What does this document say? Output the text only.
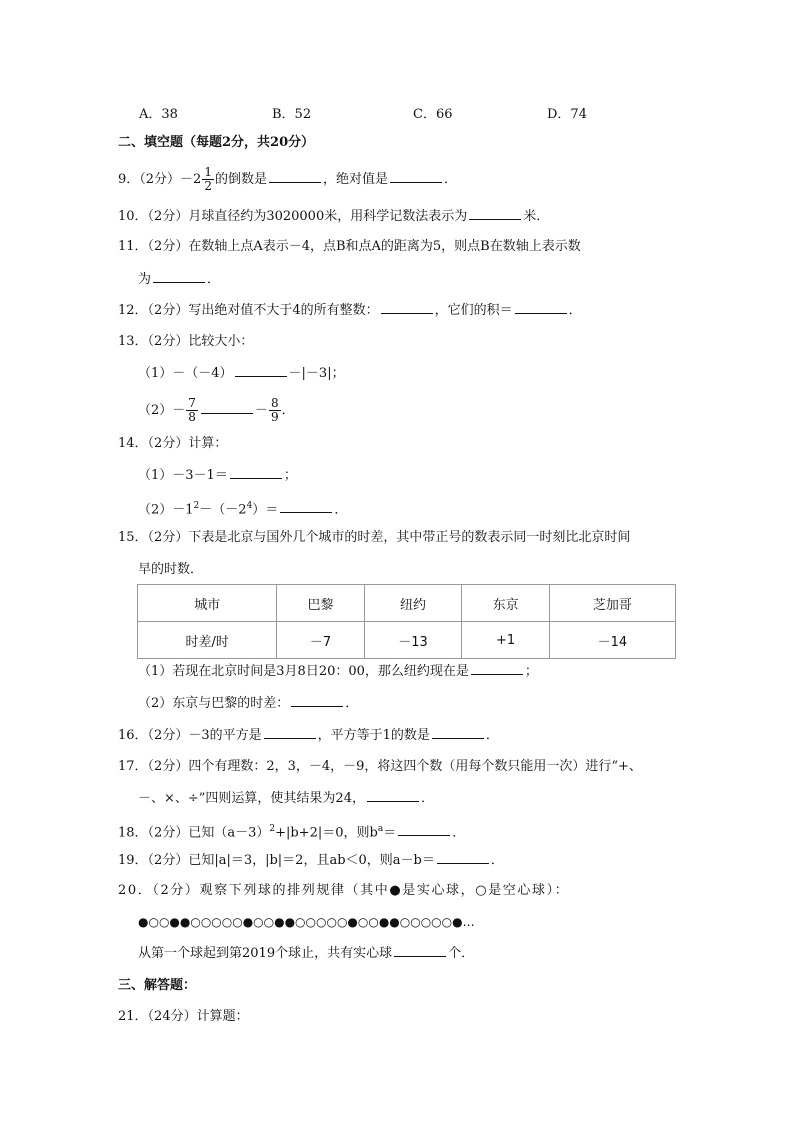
A．38	B．52	C．66	D．74
二、填空题（每题2分，共20分）
9．（2分）$-2 \frac{1}{2}$ 的倒数是	，绝对值是	．
10．（2分）月球直径约为3020000米，用科学记数法表示为	米．
11．（2分）在数轴上点A表示－4，点B和点A的距离为5，则点B在数轴上表示数
为	．
12．（2分）写出绝对值不大于4的所有整数：	，它们的积＝	．
13．（2分）比较大小：
（1）－（－4）	－|－3|；
$(2)- \frac{7}{8}$	－ $\frac{8}{9}$ ．
14．（2分）计算：
（1）－3－1＝	；
$(2)-1^2-(-2^4)=$	．
15．（2分）下表是北京与国外几个城市的时差，其中带正号的数表示同一时刻比北京时间
早的时数．
城市	巴黎	纽约	东京	芝加哥
时差/时	－7	－13	+1	－14
（1）若现在北京时间是3月8日20：00，那么纽约现在是	；
（2）东京与巴黎的时差：	．
16．（2分）－3的平方是	，平方等于1的数是	．
17．（2分）四个有理数：2，3，－4，－9，将这四个数（用每个数只能用一次）进行“+、
－、×、÷”四则运算，使其结果为24，	．
18．（2分）已知$(a-3)^2+|b+2|=0$，则$b^a=$	．
19．（2分）已知|a|＝3，|b|＝2，且ab＜0，则a－b＝	．
20．（2分）观察下列球的排列规律（其中●是实心球，○是空心球）：
●○○●●○○○○○●○○●●○○○○○●○○●●○○○○○●…
从第一个球起到第2019个球止，共有实心球	个．
三、解答题：
21．（24分）计算题：
